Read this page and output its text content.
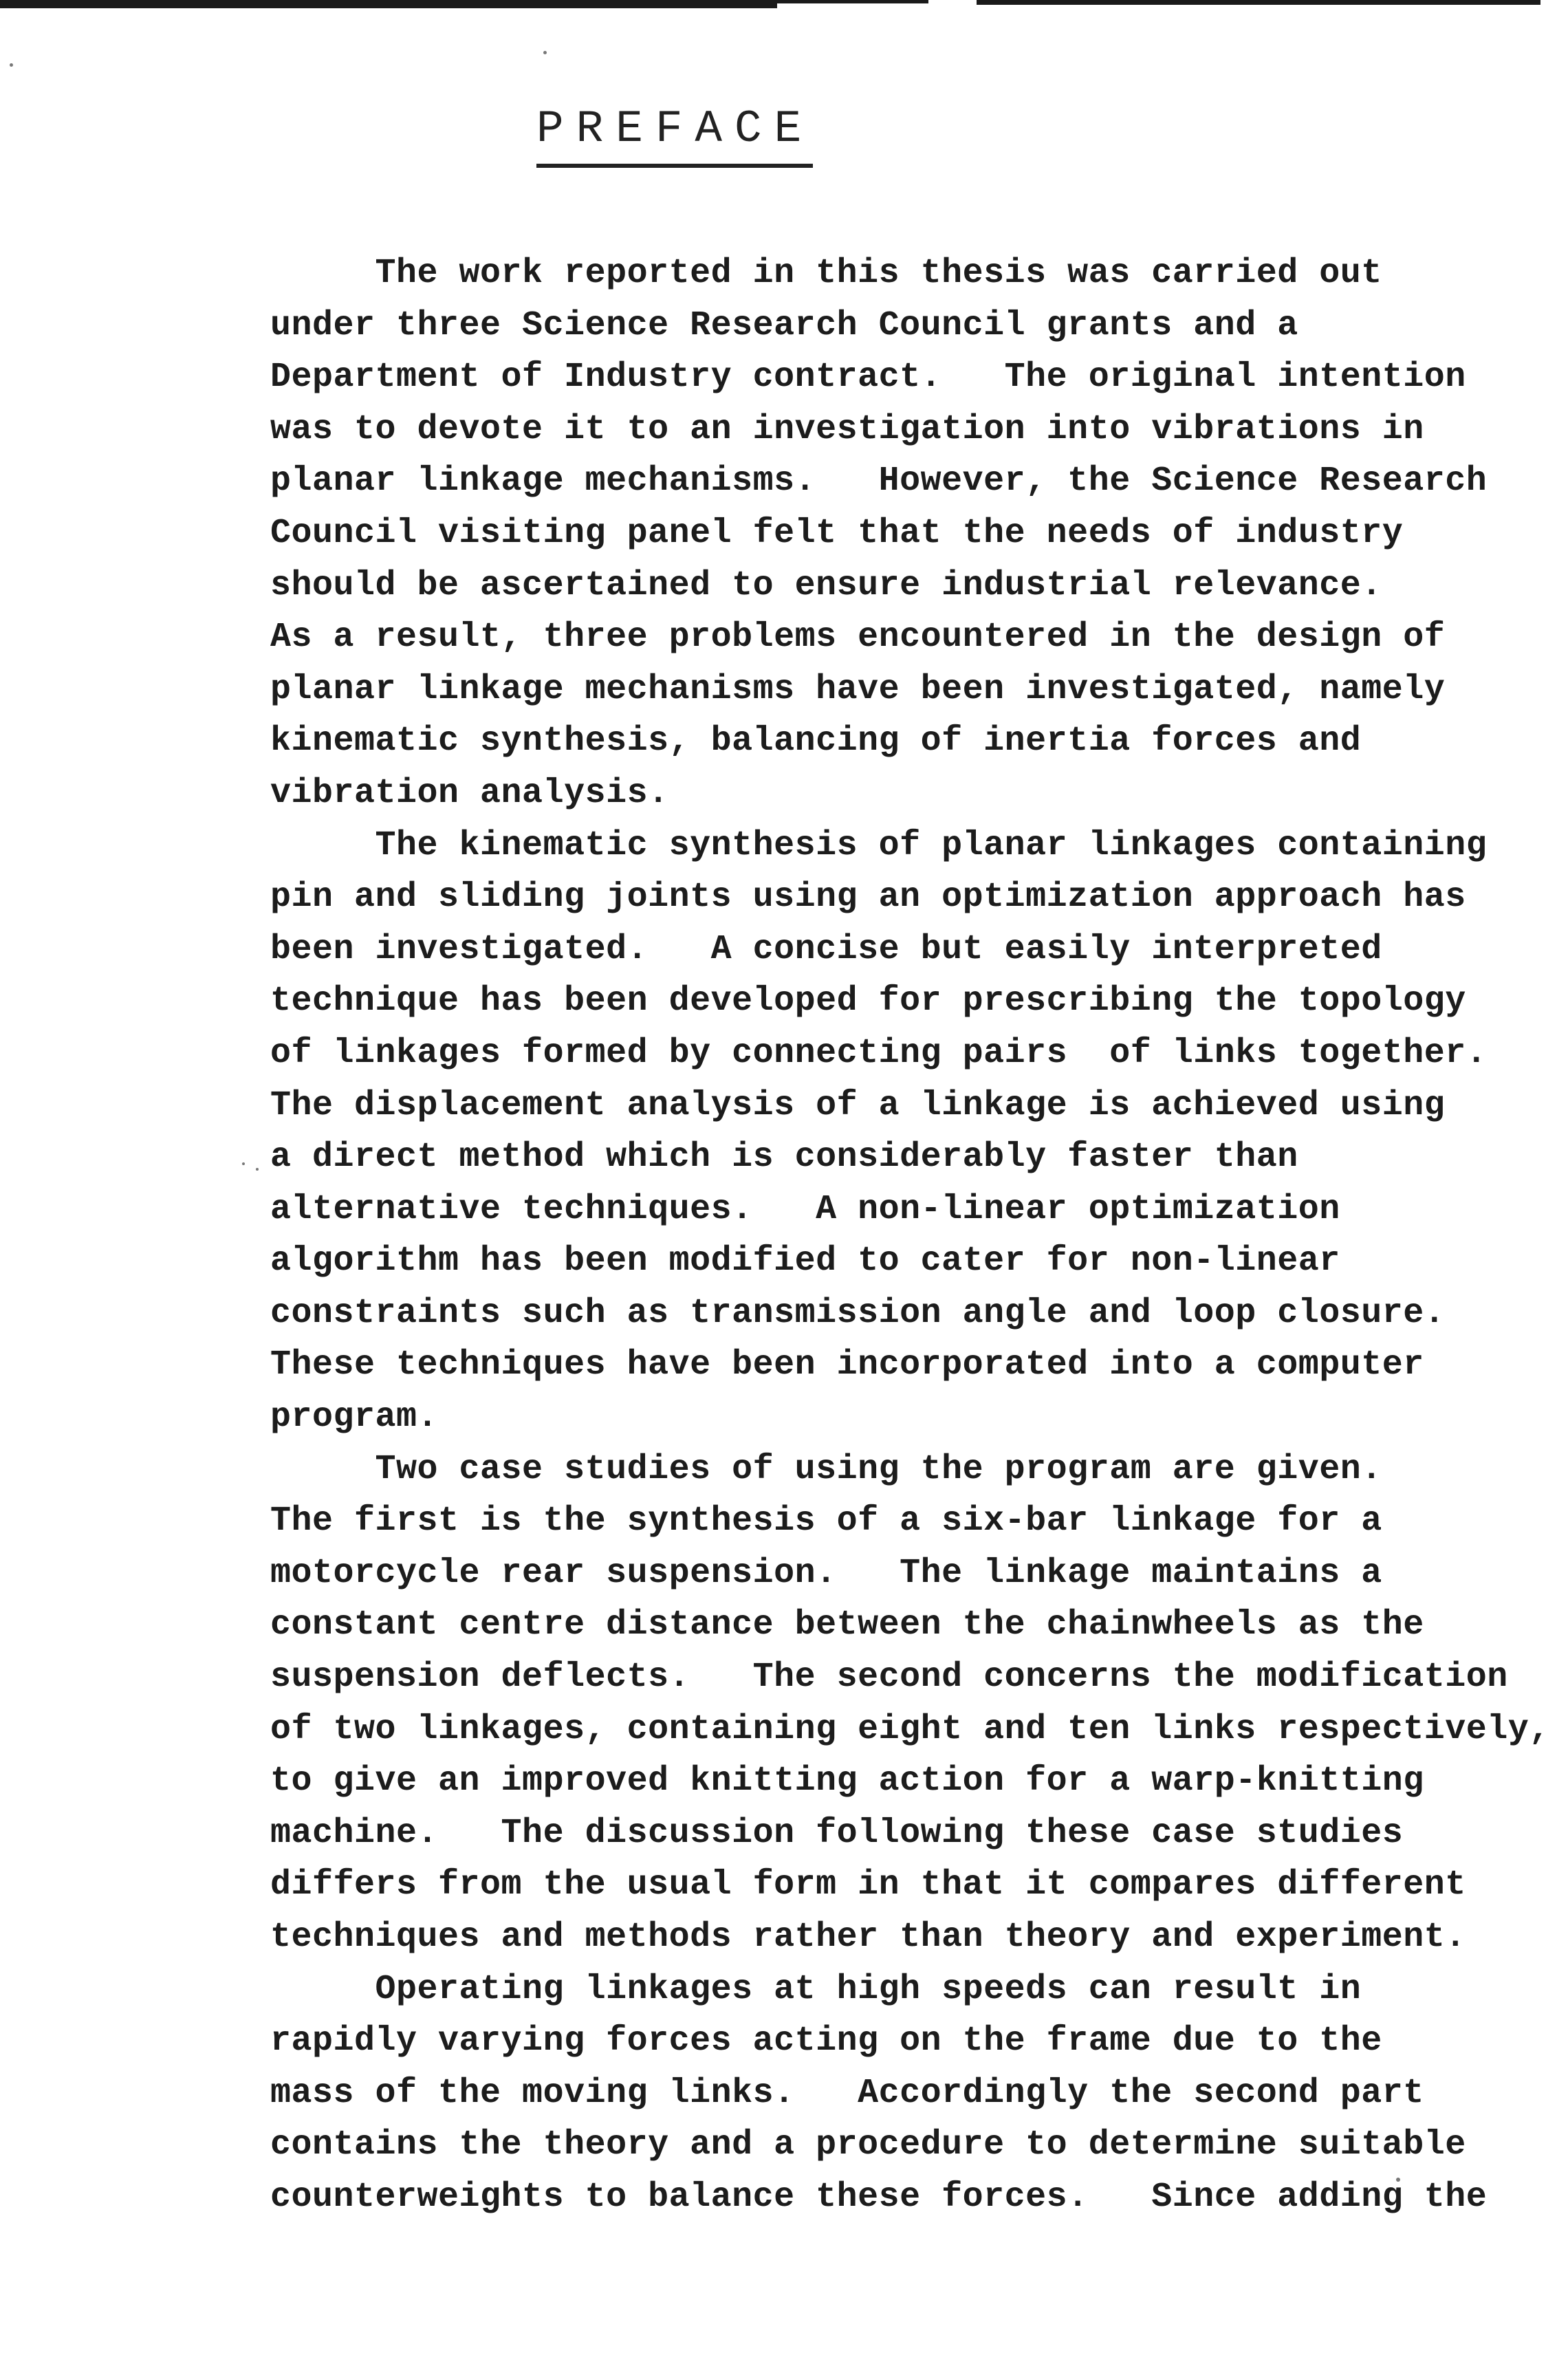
PREFACE
The work reported in this thesis was carried out
under three Science Research Council grants and a
Department of Industry contract.   The original intention
was to devote it to an investigation into vibrations in
planar linkage mechanisms.   However, the Science Research
Council visiting panel felt that the needs of industry
should be ascertained to ensure industrial relevance.
As a result, three problems encountered in the design of
planar linkage mechanisms have been investigated, namely
kinematic synthesis, balancing of inertia forces and
vibration analysis.
The kinematic synthesis of planar linkages containing
pin and sliding joints using an optimization approach has
been investigated.   A concise but easily interpreted
technique has been developed for prescribing the topology
of linkages formed by connecting pairs  of links together.
The displacement analysis of a linkage is achieved using
a direct method which is considerably faster than
alternative techniques.   A non-linear optimization
algorithm has been modified to cater for non-linear
constraints such as transmission angle and loop closure.
These techniques have been incorporated into a computer
program.
Two case studies of using the program are given.
The first is the synthesis of a six-bar linkage for a
motorcycle rear suspension.   The linkage maintains a
constant centre distance between the chainwheels as the
suspension deflects.   The second concerns the modification
of two linkages, containing eight and ten links respectively,
to give an improved knitting action for a warp-knitting
machine.   The discussion following these case studies
differs from the usual form in that it compares different
techniques and methods rather than theory and experiment.
Operating linkages at high speeds can result in
rapidly varying forces acting on the frame due to the
mass of the moving links.   Accordingly the second part
contains the theory and a procedure to determine suitable
counterweights to balance these forces.   Since adding the
